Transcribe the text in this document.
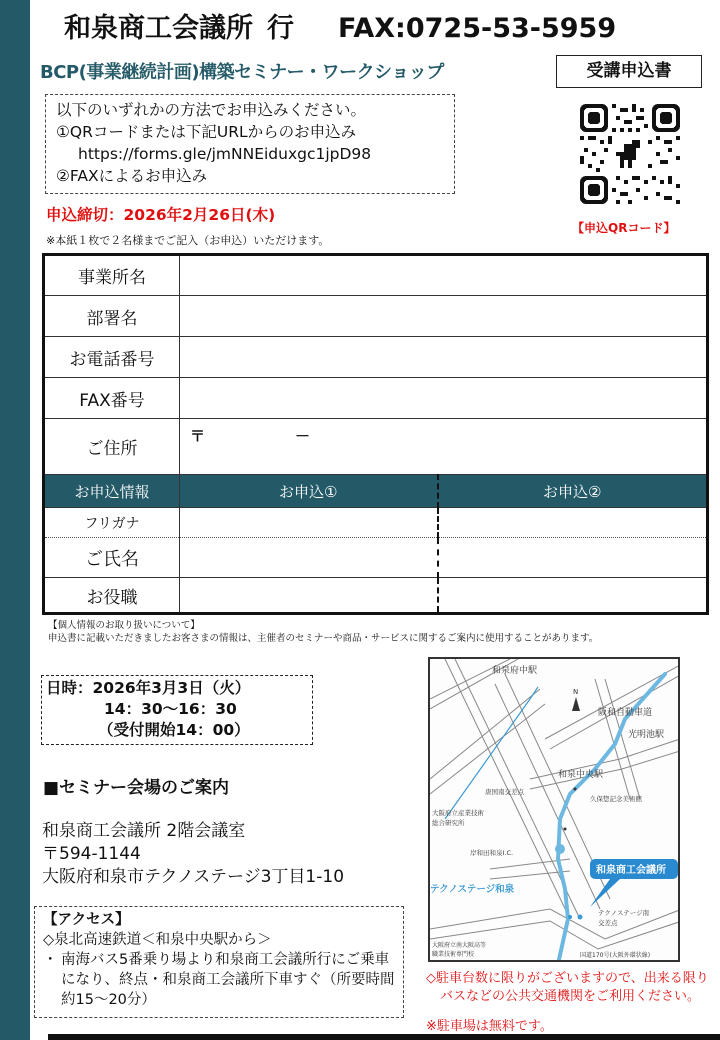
和泉商工会議所 行 FAX:0725-53-5959
BCP(事業継続計画)構築セミナー・ワークショップ	受講申込書
以下のいずれかの方法でお申込みください。
①QRコードまたは下記URLからのお申込み
https://forms.gle/jmNNEiduxgc1jpD98
②FAXによるお申込み
【申込QRコード】
申込締切：2026年2月26日(木)
※本紙１枚で２名様までご記入（お申込）いただけます。
事業所名		
部署名		
お電話番号		
FAX番号		
ご住所	〒 －	
お申込情報	お申込①	お申込②
フリガナ		
ご氏名		
お役職		
【個人情報のお取り扱いについて】
申込書に記載いただきましたお客さまの情報は、主催者のセミナーや商品・サービスに関するご案内に使用することがあります。
日時：2026年3月3日（火）
14：30～16：30
（受付開始14：00）
■セミナー会場のご案内
和泉商工会議所 2階会議室
〒594-1144
大阪府和泉市テクノステージ3丁目1-10
【アクセス】
◇泉北高速鉄道＜和泉中央駅から＞
・ 南海バス5番乗り場より和泉商工会議所行にご乗車になり、終点・和泉商工会議所下車すぐ（所要時間約15～20分）
和泉府中駅
N
阪和自動車道
光明池駅
和泉中央駅
唐国南交差点
久保惣記念美術館
大阪府立産業技術
総合研究所
岸和田和泉I.C.
大阪府立南大阪高等
職業技術専門校
テクノステージ南
交差点
国道170号(大阪外環状線)
テクノステージ和泉
和泉商工会議所
◇駐車台数に限りがございますので、出来る限り
バスなどの公共交通機関をご利用ください。
※駐車場は無料です。
